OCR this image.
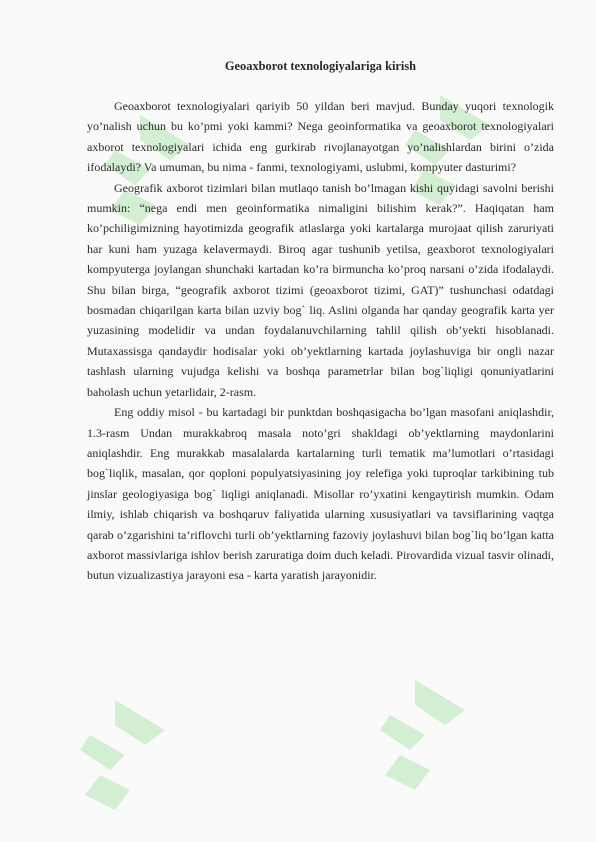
Geoaxborot texnologiyalariga kirish

Geoaxborot texnologiyalari qariyib 50 yildan beri mavjud. Bunday yuqori texnologik yo’nalish uchun bu ko’pmi yoki kammi? Nega geoinformatika va geoaxborot texnologiyalari axborot texnologiyalari ichida eng gurkirab rivojlanayotgan yo’nalishlardan birini o’zida ifodalaydi? Va umuman, bu nima - fanmi, texnologiyami, uslubmi, kompyuter dasturimi?

Geografik axborot tizimlari bilan mutlaqo tanish bo’lmagan kishi quyidagi savolni berishi mumkin: “nega endi men geoinformatika nimaligini bilishim kerak?”. Haqiqatan ham ko’pchiligimizning hayotimizda geografik atlaslarga yoki kartalarga murojaat qilish zaruriyati har kuni ham yuzaga kelavermaydi. Biroq agar tushunib yetilsa, geaxborot texnologiyalari kompyuterga joylangan shunchaki kartadan ko’ra birmuncha ko’proq narsani o’zida ifodalaydi. Shu bilan birga, “geografik axborot tizimi (geoaxborot tizimi, GAT)” tushunchasi odatdagi bosmadan chiqarilgan karta bilan uzviy bog` liq. Aslini olganda har qanday geografik karta yer yuzasining modelidir va undan foydalanuvchilarning tahlil qilish ob’yekti hisoblanadi. Mutaxassisga qandaydir hodisalar yoki ob’yektlarning kartada joylashuviga bir ongli nazar tashlash ularning vujudga kelishi va boshqa parametrlar bilan bog`liqligi qonuniyatlarini baholash uchun yetarlidair, 2-rasm.

Eng oddiy misol - bu kartadagi bir punktdan boshqasigacha bo’lgan masofani aniqlashdir, 1.3-rasm Undan murakkabroq masala noto’gri shakldagi ob’yektlarning maydonlarini aniqlashdir. Eng murakkab masalalarda kartalarning turli tematik ma’lumotlari o’rtasidagi bog`liqlik, masalan, qor qoploni populyatsiyasining joy relefiga yoki tuproqlar tarkibining tub jinslar geologiyasiga bog` liqligi aniqlanadi. Misollar ro’yxatini kengaytirish mumkin. Odam ilmiy, ishlab chiqarish va boshqaruv faliyatida ularning xususiyatlari va tavsiflarining vaqtga qarab o’zgarishini ta’riflovchi turli ob’yektlarning fazoviy joylashuvi bilan bog`liq bo’lgan katta axborot massivlariga ishlov berish zaruratiga doim duch keladi. Pirovardida vizual tasvir olinadi, butun vizualizastiya jarayoni esa - karta yaratish jarayonidir.
